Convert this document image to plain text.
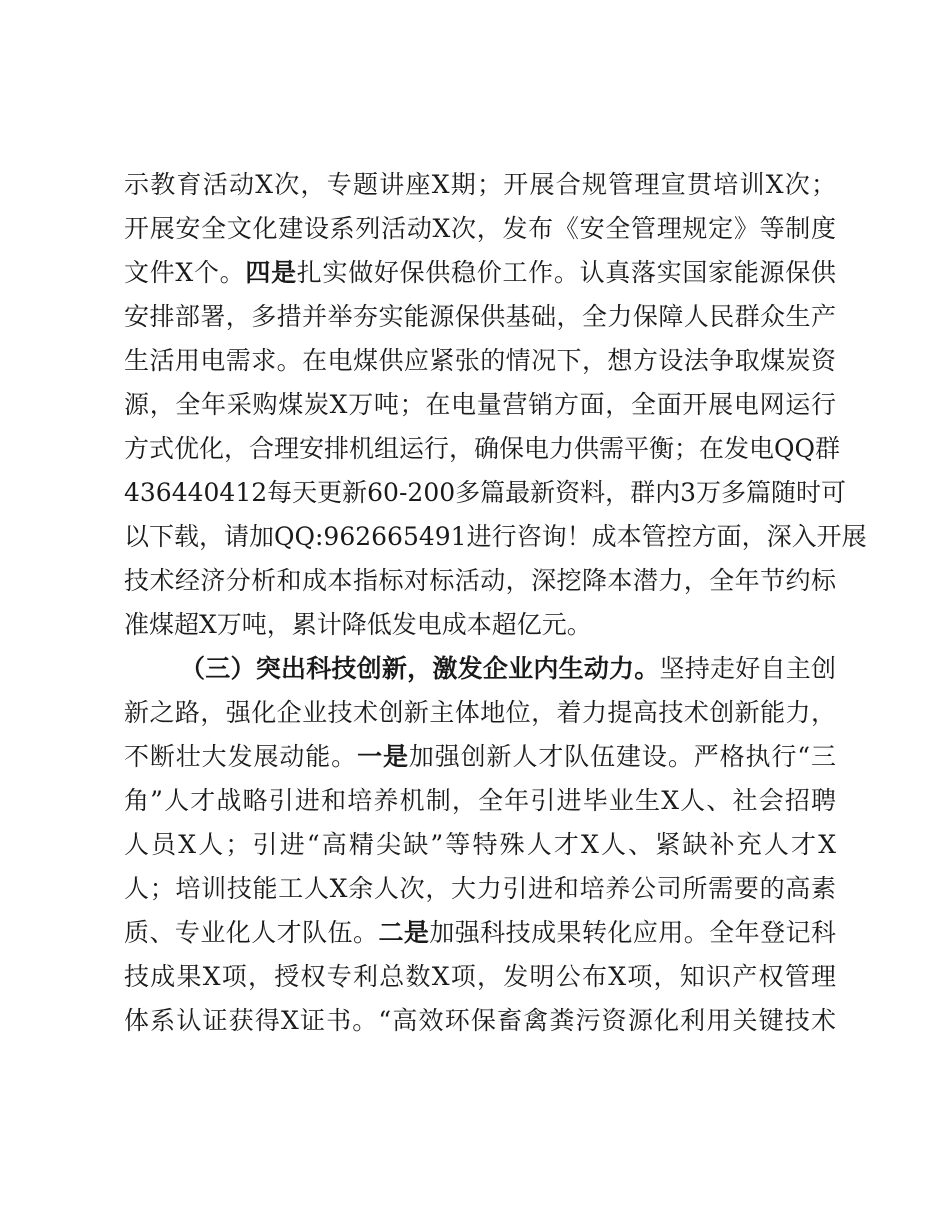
示教育活动X次，专题讲座X期；开展合规管理宣贯培训X次；
开展安全文化建设系列活动X次，发布《安全管理规定》等制度
文件X个。四是扎实做好保供稳价工作。认真落实国家能源保供
安排部署，多措并举夯实能源保供基础，全力保障人民群众生产
生活用电需求。在电煤供应紧张的情况下，想方设法争取煤炭资
源，全年采购煤炭X万吨；在电量营销方面，全面开展电网运行
方式优化，合理安排机组运行，确保电力供需平衡；在发电QQ群
436440412每天更新60-200多篇最新资料，群内3万多篇随时可
以下载，请加QQ:962665491进行咨询！成本管控方面，深入开展
技术经济分析和成本指标对标活动，深挖降本潜力，全年节约标
准煤超X万吨，累计降低发电成本超亿元。
（三）突出科技创新，激发企业内生动力。坚持走好自主创
新之路，强化企业技术创新主体地位，着力提高技术创新能力，
不断壮大发展动能。一是加强创新人才队伍建设。严格执行“三
角”人才战略引进和培养机制，全年引进毕业生X人、社会招聘
人员X人；引进“高精尖缺”等特殊人才X人、紧缺补充人才X
人；培训技能工人X余人次，大力引进和培养公司所需要的高素
质、专业化人才队伍。二是加强科技成果转化应用。全年登记科
技成果X项，授权专利总数X项，发明公布X项，知识产权管理
体系认证获得X证书。“高效环保畜禽粪污资源化利用关键技术
